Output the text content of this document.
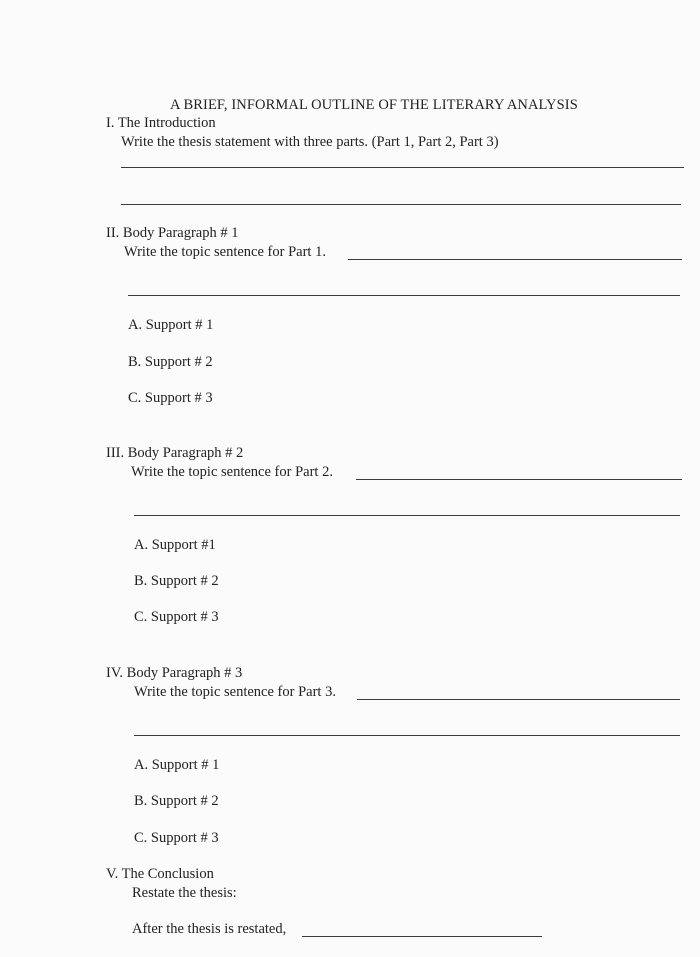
A BRIEF, INFORMAL OUTLINE OF THE LITERARY ANALYSIS
I. The Introduction
Write the thesis statement with three parts. (Part 1, Part 2, Part 3)
II. Body Paragraph # 1
Write the topic sentence for Part 1.
A. Support # 1
B. Support # 2
C. Support # 3
III. Body Paragraph # 2
Write the topic sentence for Part 2.
A. Support #1
B. Support # 2
C. Support # 3
IV. Body Paragraph # 3
Write the topic sentence for Part 3.
A. Support # 1
B. Support # 2
C. Support # 3
V. The Conclusion
Restate the thesis:
After the thesis is restated,
